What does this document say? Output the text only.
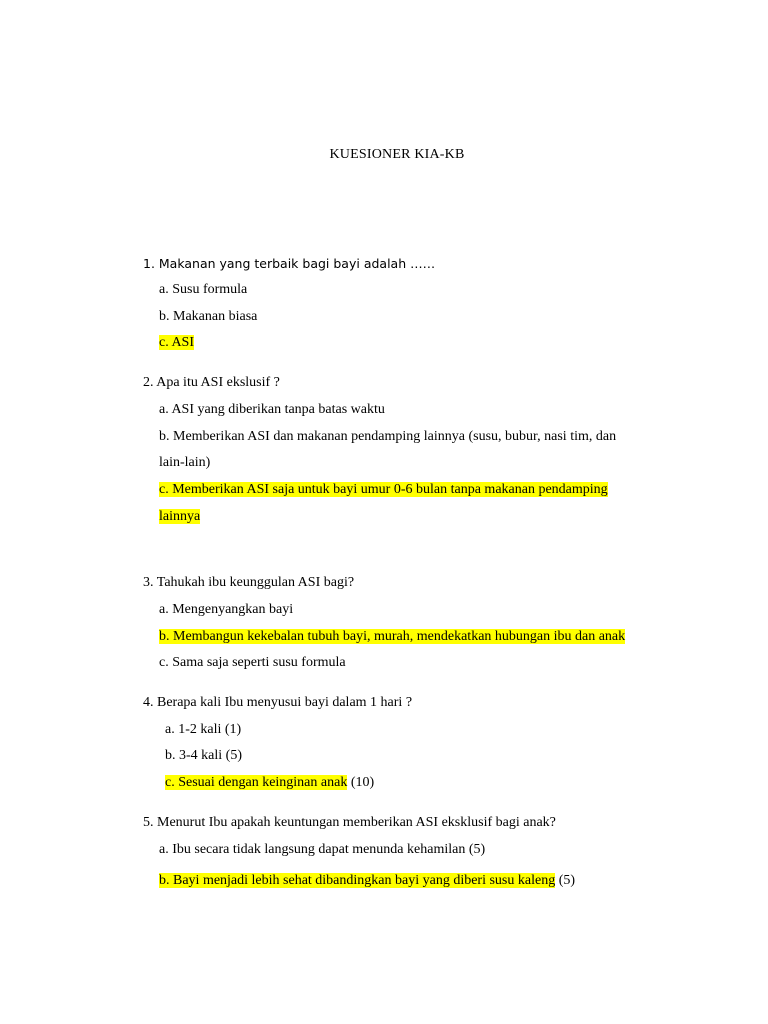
KUESIONER KIA-KB
1. Makanan yang terbaik bagi bayi adalah ……
a. Susu formula
b. Makanan biasa
c. ASI
2. Apa itu ASI ekslusif ?
a. ASI yang diberikan tanpa batas waktu
b. Memberikan ASI dan makanan pendamping lainnya (susu, bubur, nasi tim, dan
lain-lain)
c. Memberikan ASI saja untuk bayi umur 0-6 bulan tanpa makanan pendamping
lainnya
3. Tahukah ibu keunggulan ASI bagi?
a. Mengenyangkan bayi
b. Membangun kekebalan tubuh bayi, murah, mendekatkan hubungan ibu dan anak
c. Sama saja seperti susu formula
4. Berapa kali Ibu menyusui bayi dalam 1 hari ?
a. 1-2 kali (1)
b. 3-4 kali (5)
c. Sesuai dengan keinginan anak (10)
5. Menurut Ibu apakah keuntungan memberikan ASI eksklusif bagi anak?
a. Ibu secara tidak langsung dapat menunda kehamilan (5)
b. Bayi menjadi lebih sehat dibandingkan bayi yang diberi susu kaleng (5)
